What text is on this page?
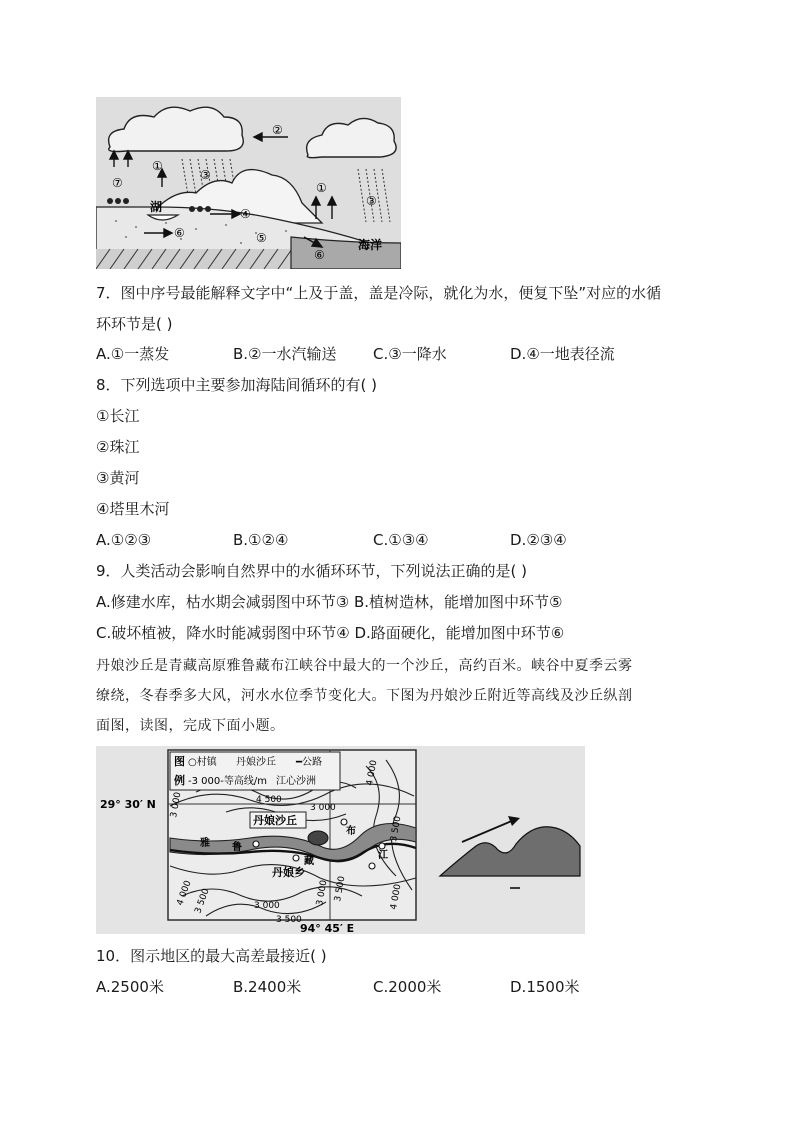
②
①
③
⑦
湖	④
⑥	⑤
①
③
⑥
海洋
7．图中序号最能解释文字中“上及于盖，盖是冷际，就化为水，便复下坠”对应的水循
环环节是( )
A.①一蒸发	B.②一水汽输送 C.③一降水	D.④一地表径流
8．下列选项中主要参加海陆间循环的有( )
①长江
②珠江
③黄河
④塔里木河
A.①②③	B.①②④	C.①③④	D.②③④
9．人类活动会影响自然界中的水循环环节，下列说法正确的是( )
A.修建水库，枯水期会减弱图中环节③ B.植树造林，能增加图中环节⑤
C.破坏植被，降水时能减弱图中环节④ D.路面硬化，能增加图中环节⑥
丹娘沙丘是青藏高原雅鲁藏布江峡谷中最大的一个沙丘，高约百米。峡谷中夏季云雾
缭绕，冬春季多大风，河水水位季节变化大。下图为丹娘沙丘附近等高线及沙丘纵剖
面图，读图，完成下面小题。
图
例
○村镇 丹娘沙丘 ━公路
-3 000-等高线/m 江心沙洲
29° 30′ N
94° 45′ E
3 000	4 500
4 000
3 500
3 000
4 000 3 500	3 000
3 500
3 000 3 500	4 000
丹娘沙丘
丹娘乡
雅 鲁
藏
布
江
10．图示地区的最大高差最接近( )
A.2500米	B.2400米	C.2000米	D.1500米
